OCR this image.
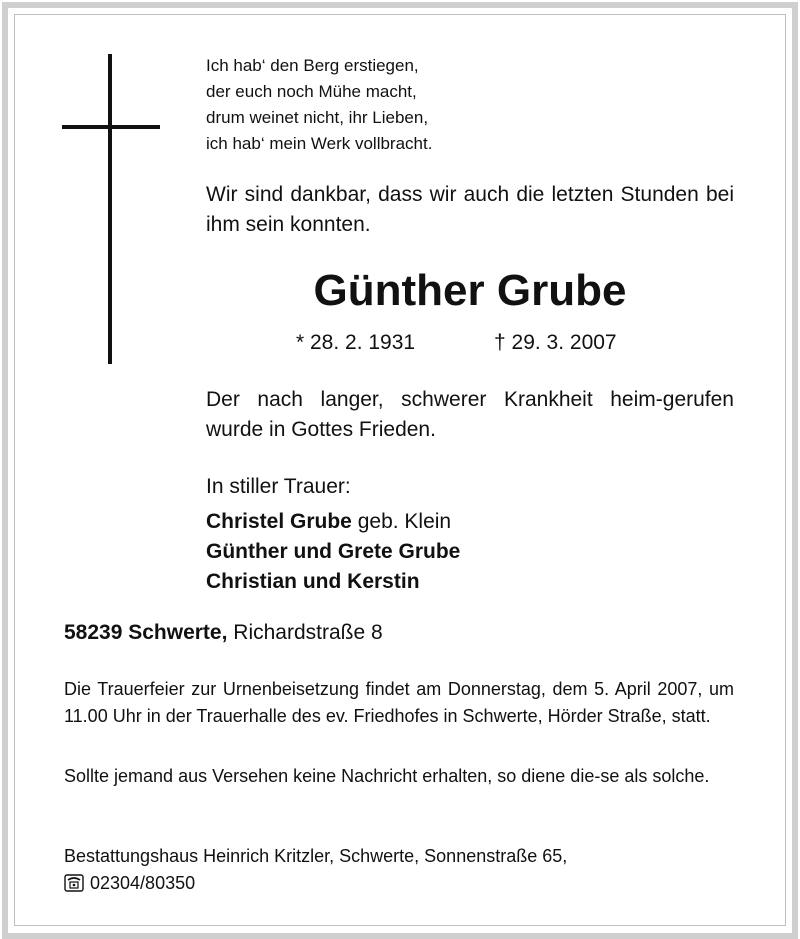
Ich hab‘ den Berg erstiegen,
der euch noch Mühe macht,
drum weinet nicht, ihr Lieben,
ich hab‘ mein Werk vollbracht.
Wir sind dankbar, dass wir auch die letzten Stunden bei ihm sein konnten.
Günther Grube
* 28. 2. 1931	† 29. 3. 2007
Der nach langer, schwerer Krankheit heim-gerufen wurde in Gottes Frieden.
In stiller Trauer:
Christel Grube geb. Klein
Günther und Grete Grube
Christian und Kerstin
58239 Schwerte, Richardstraße 8
Die Trauerfeier zur Urnenbeisetzung findet am Donnerstag, dem 5. April 2007, um 11.00 Uhr in der Trauerhalle des ev. Friedhofes in Schwerte, Hörder Straße, statt.
Sollte jemand aus Versehen keine Nachricht erhalten, so diene die-se als solche.
Bestattungshaus Heinrich Kritzler, Schwerte, Sonnenstraße 65,
02304/80350
